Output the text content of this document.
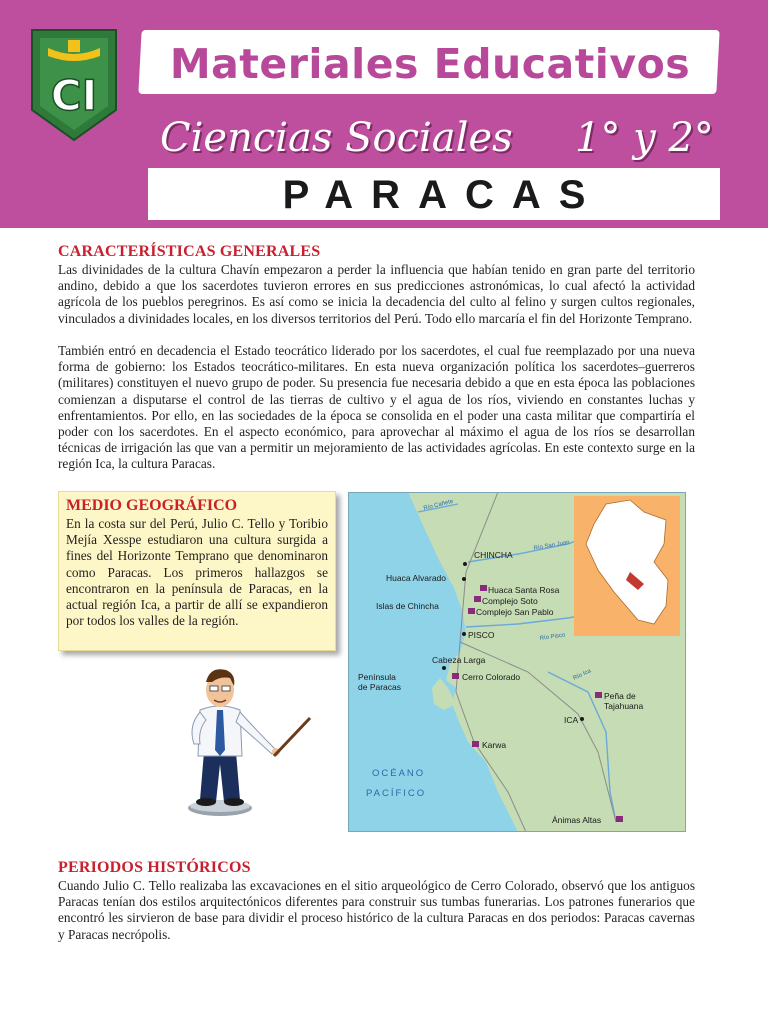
CI
Materiales Educativos
Ciencias Sociales 1° y 2°
PARACAS
CARACTERÍSTICAS GENERALES
Las divinidades de la cultura Chavín empezaron a perder la influencia que habían tenido en gran parte del territorio andino, debido a que los sacerdotes tuvieron errores en sus predicciones astronómicas, lo cual afectó la actividad agrícola de los pueblos peregrinos. Es así como se inicia la decadencia del culto al felino y surgen cultos regionales, vinculados a divinidades locales, en los diversos territorios del Perú. Todo ello marcaría el fin del Horizonte Temprano.
También entró en decadencia el Estado teocrático liderado por los sacerdotes, el cual fue reemplazado por una nueva forma de gobierno: los Estados teocrático-militares. En esta nueva organización política los sacerdotes–guerreros (militares) constituyen el nuevo grupo de poder. Su presencia fue necesaria debido a que en esta época las poblaciones comienzan a disputarse el control de las tierras de cultivo y el agua de los ríos, viviendo en constantes luchas y enfrentamientos. Por ello, en las sociedades de la época se consolida en el poder una casta militar que compartiría el poder con los sacerdotes. En el aspecto económico, para aprovechar al máximo el agua de los ríos se desarrollan técnicas de irrigación las que van a permitir un mejoramiento de las actividades agrícolas. En este contexto surge en la región Ica, la cultura Paracas.
MEDIO GEOGRÁFICO
En la costa sur del Perú, Julio C. Tello y Toribio Mejía Xesspe estudiaron una cultura surgida a fines del Horizonte Temprano que denominaron como Paracas. Los primeros hallazgos se encontraron en la península de Paracas, en la actual región Ica, a partir de allí se expandieron por todos los valles de la región.
Río Cañete
Río San Juan
Río Pisco
Río Ica
CHINCHA
Huaca Alvarado
Huaca Santa Rosa
Complejo Soto
Complejo San Pablo
Islas de Chincha
PISCO
Cabeza Larga
Cerro Colorado
Península
de Paracas
Peña de
Tajahuana
ICA
Karwa
Ánimas Altas
OCÉANO
PACÍFICO
PERIODOS HISTÓRICOS
Cuando Julio C. Tello realizaba las excavaciones en el sitio arqueológico de Cerro Colorado, observó que los antiguos Paracas tenían dos estilos arquitectónicos diferentes para construir sus tumbas funerarias. Los patrones funerarios que encontró les sirvieron de base para dividir el proceso histórico de la cultura Paracas en dos periodos: Paracas cavernas y Paracas necrópolis.
